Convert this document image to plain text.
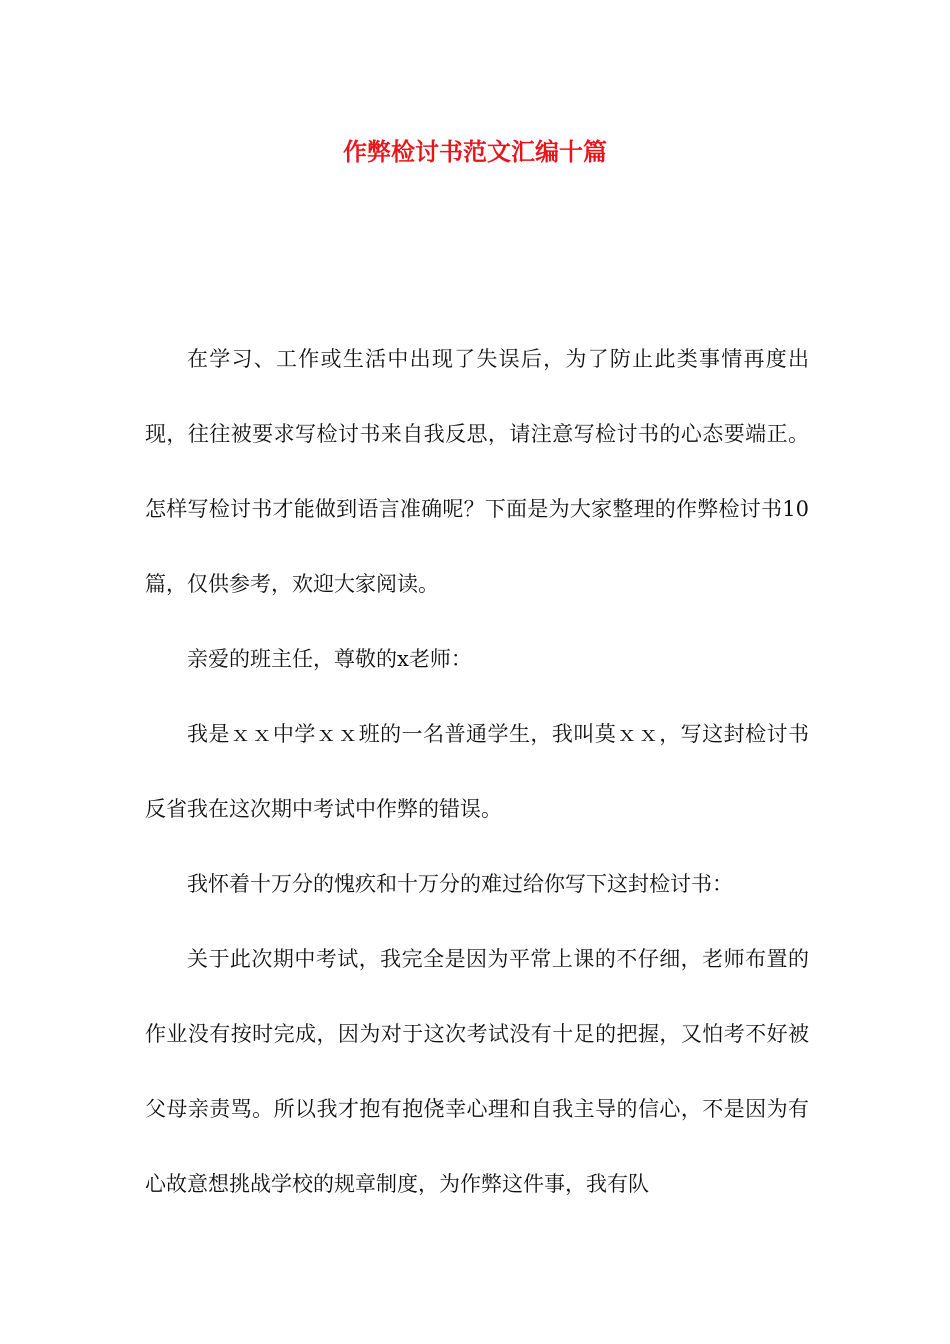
作弊检讨书范文汇编十篇

在学习、工作或生活中出现了失误后，为了防止此类事情再度出现，往往被要求写检讨书来自我反思，请注意写检讨书的心态要端正。怎样写检讨书才能做到语言准确呢？下面是为大家整理的作弊检讨书10篇，仅供参考，欢迎大家阅读。

亲爱的班主任，尊敬的x老师：

我是ｘｘ中学ｘｘ班的一名普通学生，我叫莫ｘｘ，写这封检讨书反省我在这次期中考试中作弊的错误。

我怀着十万分的愧疚和十万分的难过给你写下这封检讨书：

关于此次期中考试，我完全是因为平常上课的不仔细，老师布置的作业没有按时完成，因为对于这次考试没有十足的把握，又怕考不好被父母亲责骂。所以我才抱有抱侥幸心理和自我主导的信心，不是因为有心故意想挑战学校的规章制度，为作弊这件事，我有队
